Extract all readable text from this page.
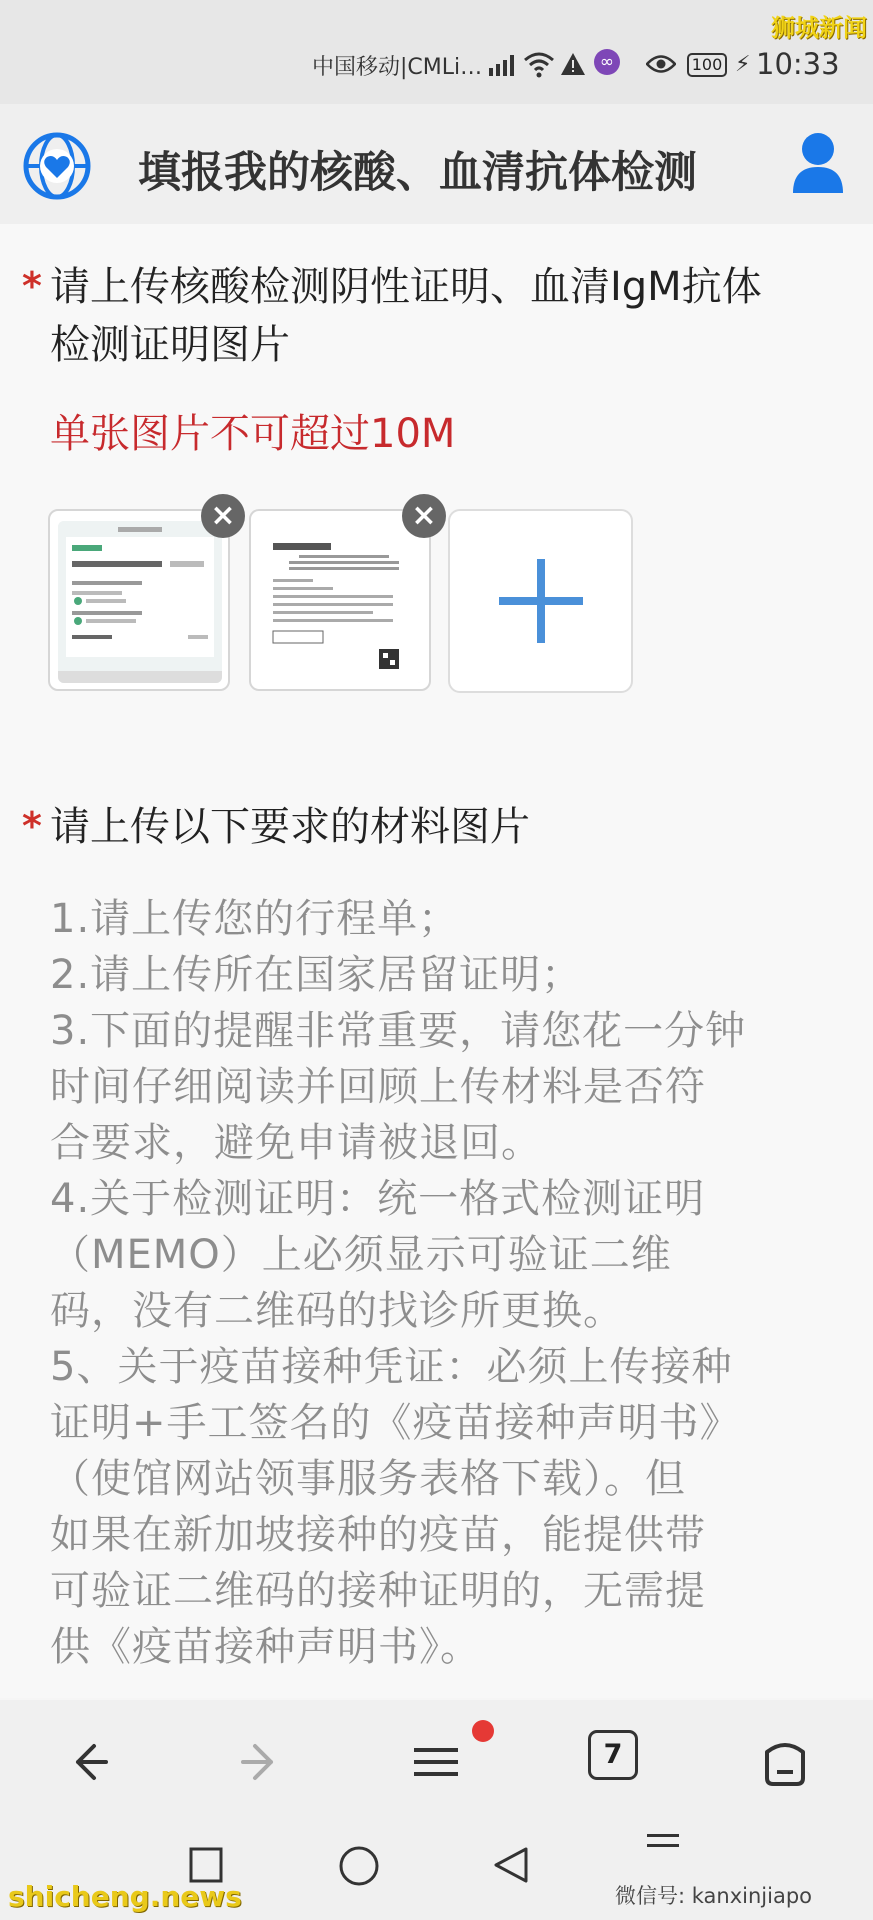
中国移动|CMLi…	∞	100 ⚡ 10:33
狮城新闻
填报我的核酸、血清抗体检测
* 请上传核酸检测阴性证明、血清IgM抗体
检测证明图片
单张图片不可超过10M
×	×
* 请上传以下要求的材料图片
1.请上传您的行程单；
2.请上传所在国家居留证明；
3.下面的提醒非常重要，请您花一分钟
时间仔细阅读并回顾上传材料是否符
合要求，避免申请被退回。
4.关于检测证明：统一格式检测证明
（MEMO）上必须显示可验证二维
码，没有二维码的找诊所更换。
5、关于疫苗接种凭证：必须上传接种
证明+手工签名的《疫苗接种声明书》
（使馆网站领事服务表格下载）。但
如果在新加坡接种的疫苗，能提供带
可验证二维码的接种证明的，无需提
供《疫苗接种声明书》。
7
shicheng.news	微信号: kanxinjiapo
